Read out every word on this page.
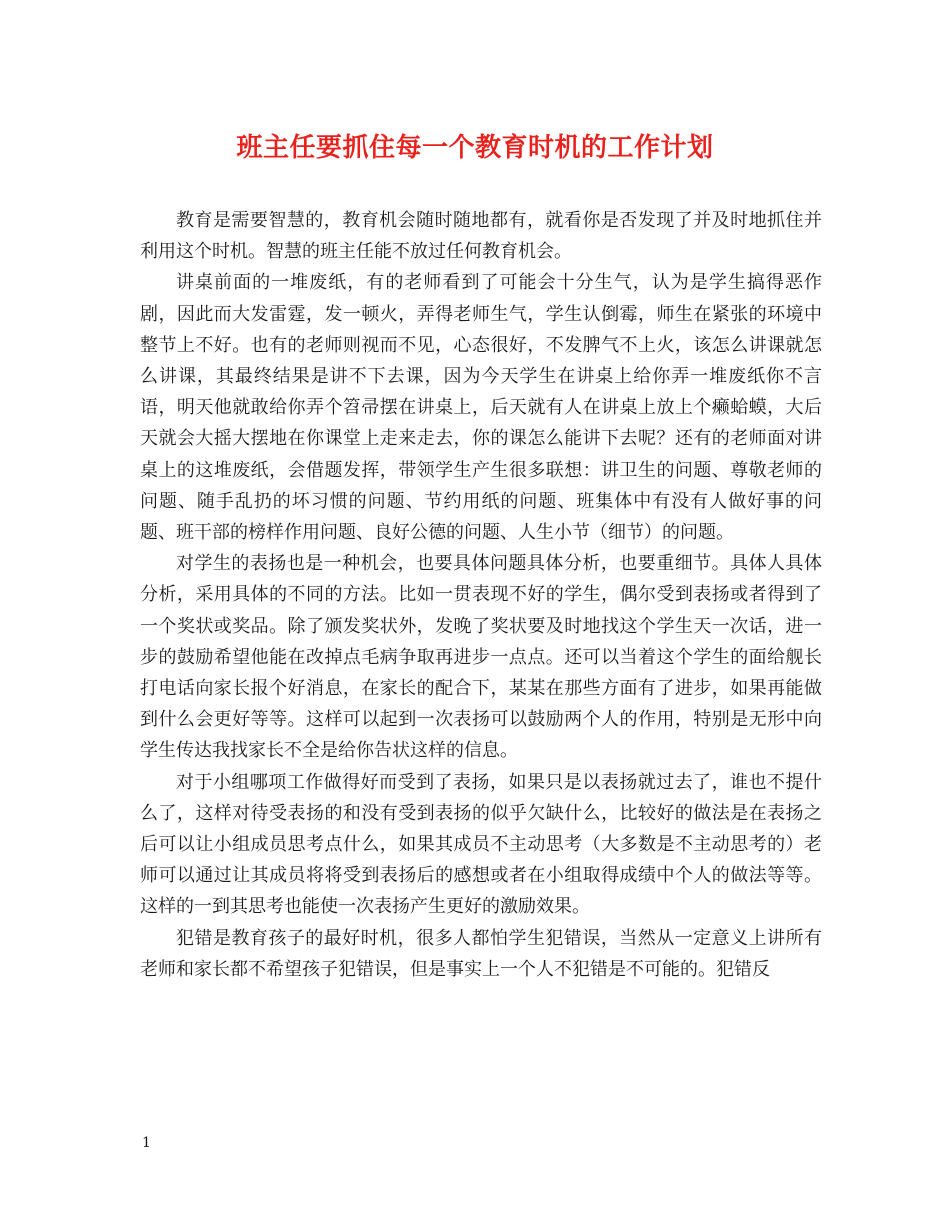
班主任要抓住每一个教育时机的工作计划

教育是需要智慧的，教育机会随时随地都有，就看你是否发现了并及时地抓住并利用这个时机。智慧的班主任能不放过任何教育机会。

讲桌前面的一堆废纸，有的老师看到了可能会十分生气，认为是学生搞得恶作剧，因此而大发雷霆，发一顿火，弄得老师生气，学生认倒霉，师生在紧张的环境中整节上不好。也有的老师则视而不见，心态很好，不发脾气不上火，该怎么讲课就怎么讲课，其最终结果是讲不下去课，因为今天学生在讲桌上给你弄一堆废纸你不言语，明天他就敢给你弄个笤帚摆在讲桌上，后天就有人在讲桌上放上个癞蛤蟆，大后天就会大摇大摆地在你课堂上走来走去，你的课怎么能讲下去呢？还有的老师面对讲桌上的这堆废纸，会借题发挥，带领学生产生很多联想：讲卫生的问题、尊敬老师的问题、随手乱扔的坏习惯的问题、节约用纸的问题、班集体中有没有人做好事的问题、班干部的榜样作用问题、良好公德的问题、人生小节（细节）的问题。

对学生的表扬也是一种机会，也要具体问题具体分析，也要重细节。具体人具体分析，采用具体的不同的方法。比如一贯表现不好的学生，偶尔受到表扬或者得到了一个奖状或奖品。除了颁发奖状外，发晚了奖状要及时地找这个学生天一次话，进一步的鼓励希望他能在改掉点毛病争取再进步一点点。还可以当着这个学生的面给舰长打电话向家长报个好消息，在家长的配合下，某某在那些方面有了进步，如果再能做到什么会更好等等。这样可以起到一次表扬可以鼓励两个人的作用，特别是无形中向学生传达我找家长不全是给你告状这样的信息。

对于小组哪项工作做得好而受到了表扬，如果只是以表扬就过去了，谁也不提什么了，这样对待受表扬的和没有受到表扬的似乎欠缺什么，比较好的做法是在表扬之后可以让小组成员思考点什么，如果其成员不主动思考（大多数是不主动思考的）老师可以通过让其成员将将受到表扬后的感想或者在小组取得成绩中个人的做法等等。这样的一到其思考也能使一次表扬产生更好的激励效果。

犯错是教育孩子的最好时机，很多人都怕学生犯错误，当然从一定意义上讲所有老师和家长都不希望孩子犯错误，但是事实上一个人不犯错是不可能的。犯错反

1
